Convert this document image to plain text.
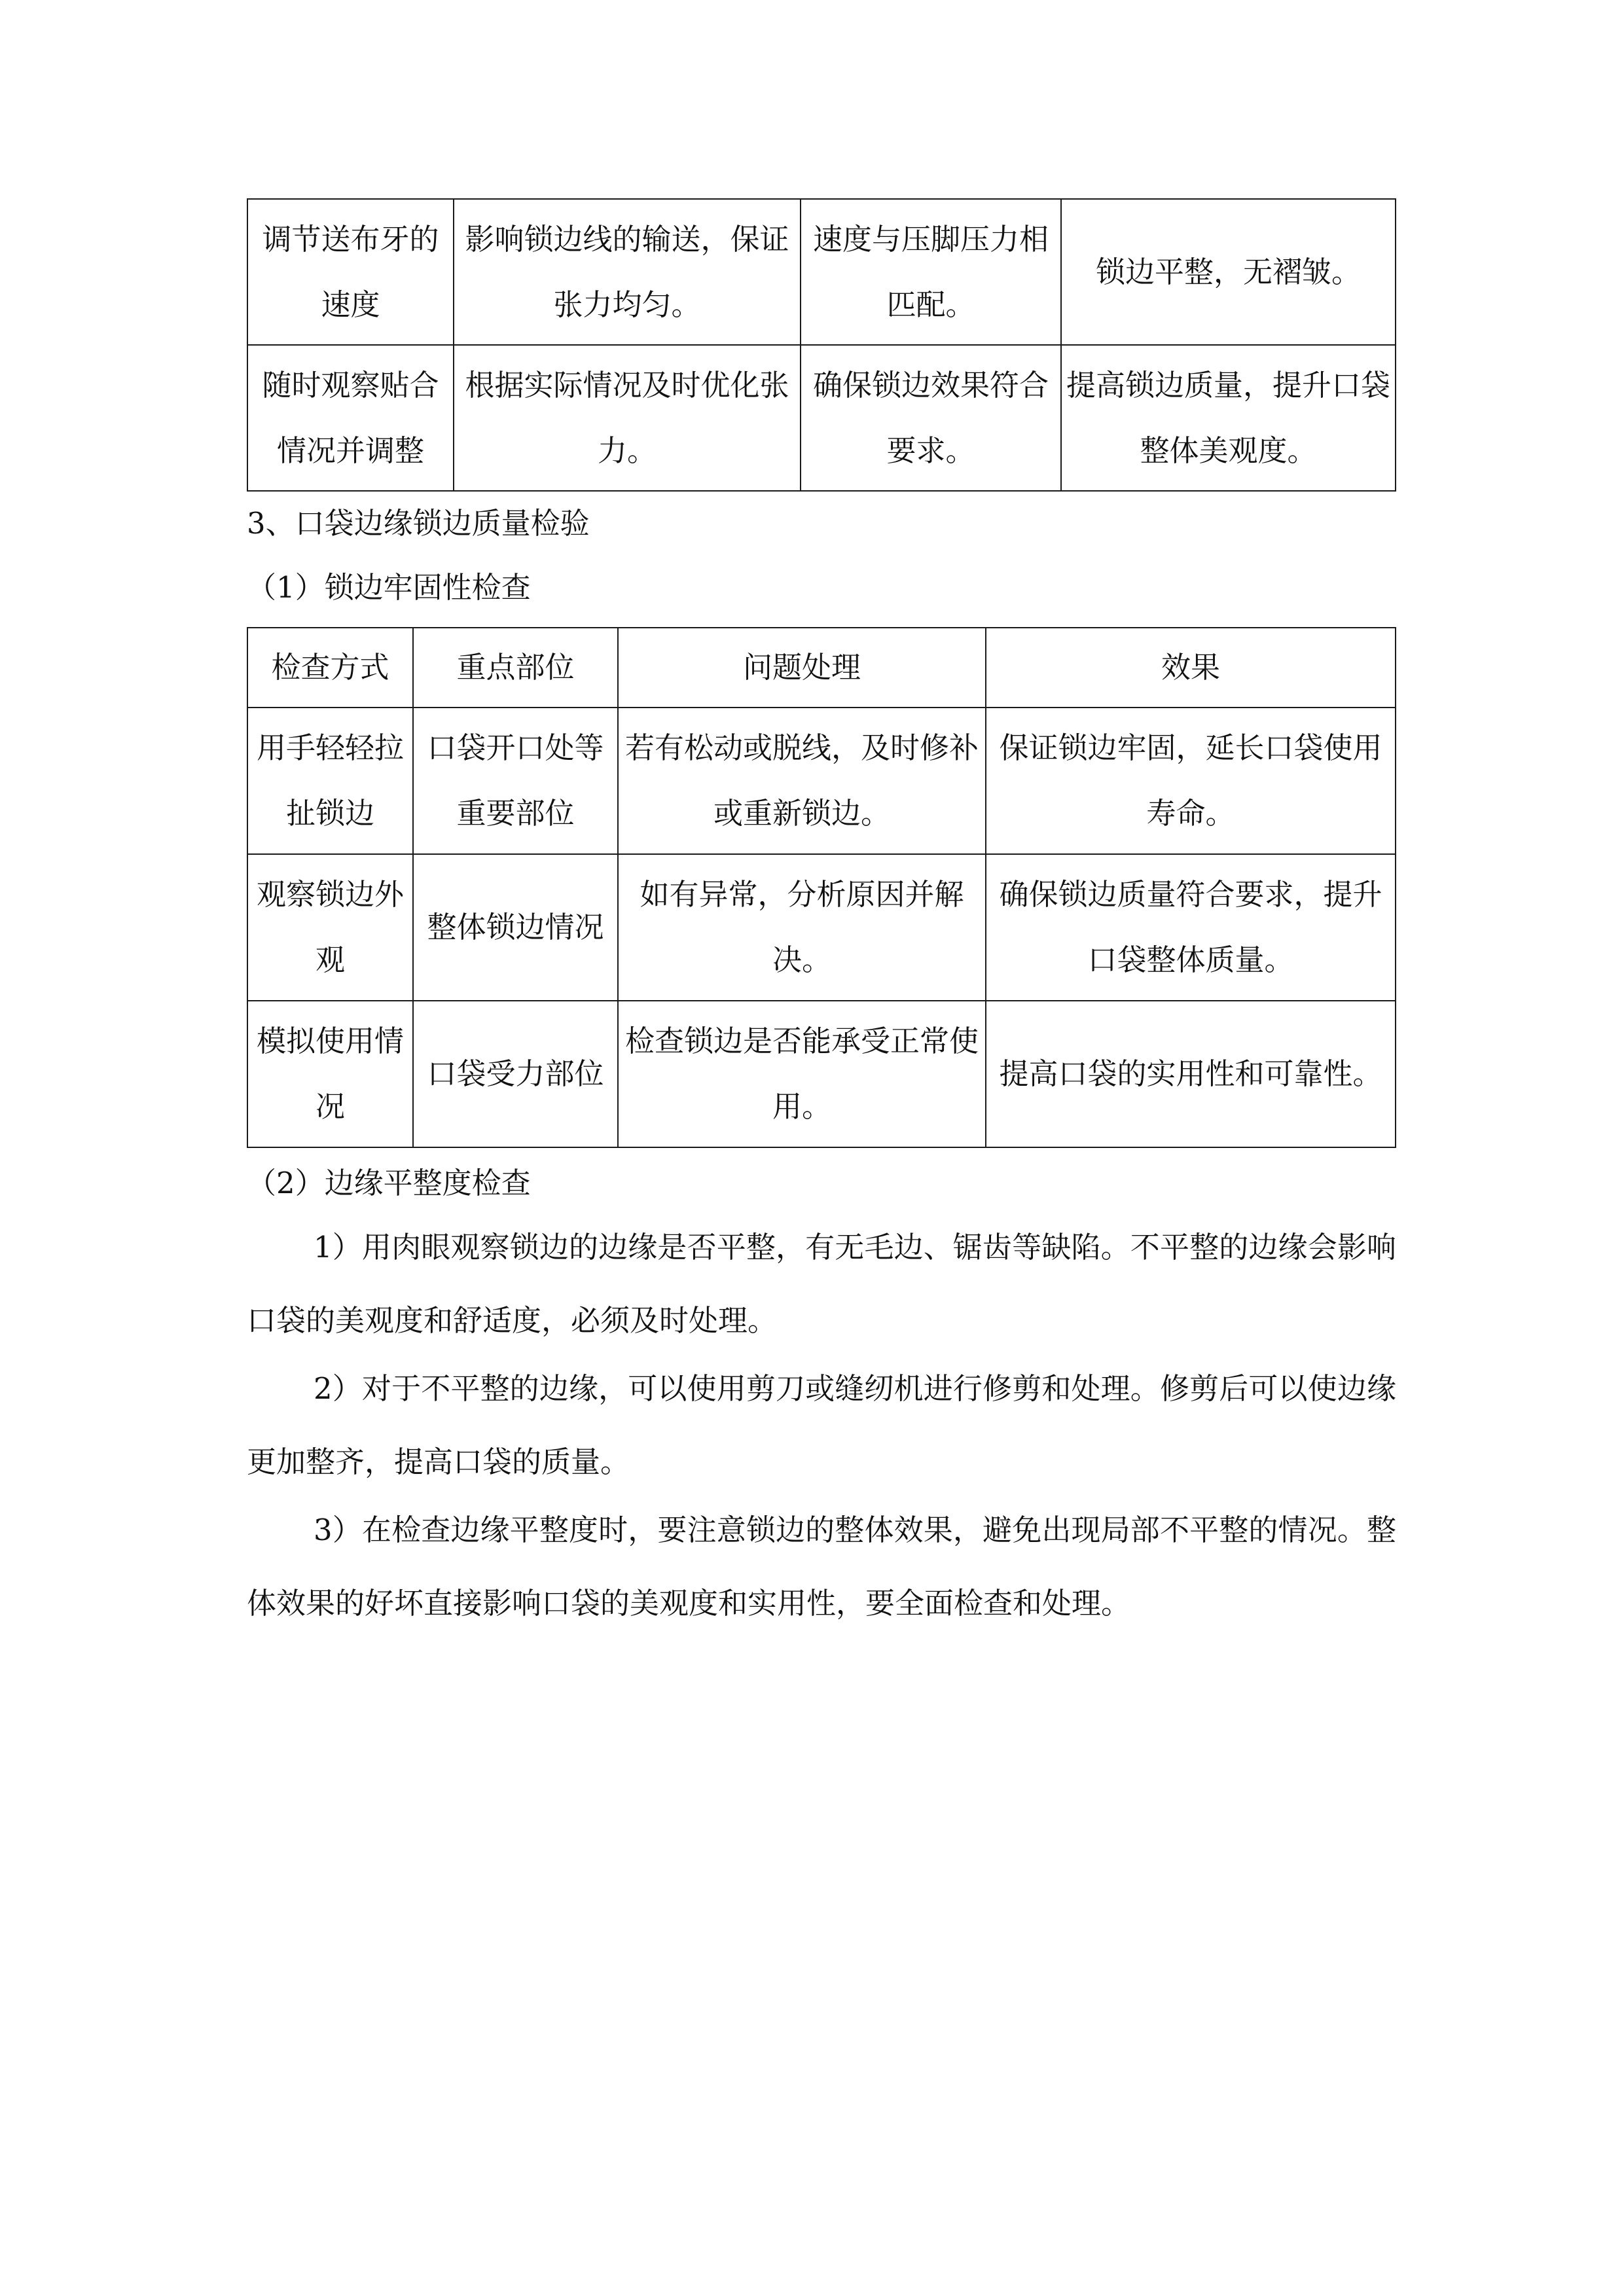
调节送布牙的速度	影响锁边线的输送，保证张力均匀。	速度与压脚压力相匹配。	锁边平整，无褶皱。
随时观察贴合情况并调整	根据实际情况及时优化张力。	确保锁边效果符合要求。	提高锁边质量，提升口袋整体美观度。

3、口袋边缘锁边质量检验

（1）锁边牢固性检查

检查方式	重点部位	问题处理	效果
用手轻轻拉扯锁边	口袋开口处等重要部位	若有松动或脱线，及时修补或重新锁边。	保证锁边牢固，延长口袋使用寿命。
观察锁边外观	整体锁边情况	如有异常，分析原因并解决。	确保锁边质量符合要求，提升口袋整体质量。
模拟使用情况	口袋受力部位	检查锁边是否能承受正常使用。	提高口袋的实用性和可靠性。

（2）边缘平整度检查

1）用肉眼观察锁边的边缘是否平整，有无毛边、锯齿等缺陷。不平整的边缘会影响口袋的美观度和舒适度，必须及时处理。

2）对于不平整的边缘，可以使用剪刀或缝纫机进行修剪和处理。修剪后可以使边缘更加整齐，提高口袋的质量。

3）在检查边缘平整度时，要注意锁边的整体效果，避免出现局部不平整的情况。整体效果的好坏直接影响口袋的美观度和实用性，要全面检查和处理。
